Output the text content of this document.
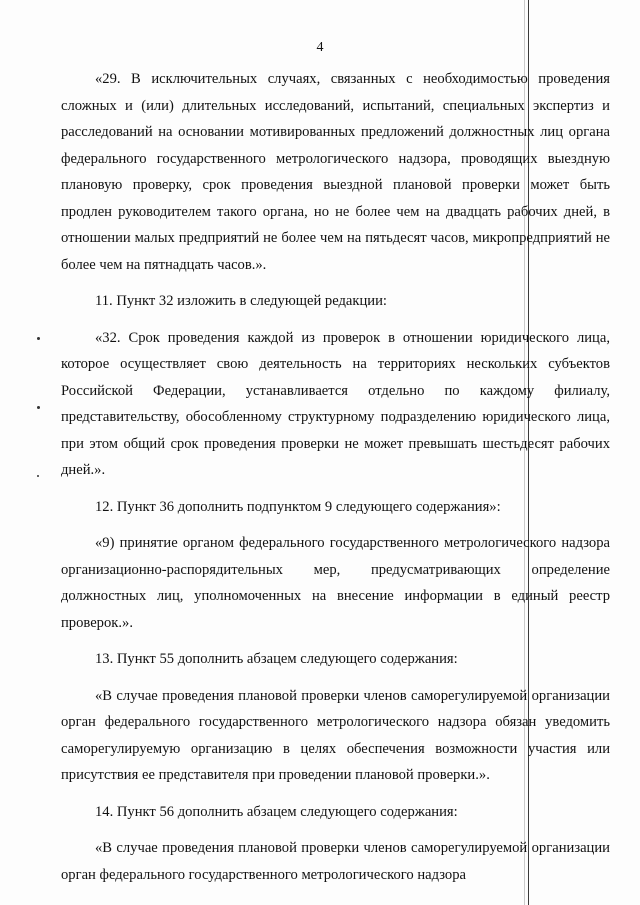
4

«29. В исключительных случаях, связанных с необходимостью проведения сложных и (или) длительных исследований, испытаний, специальных экспертиз и расследований на основании мотивированных предложений должностных лиц органа федерального государственного метрологического надзора, проводящих выездную плановую проверку, срок проведения выездной плановой проверки может быть продлен руководителем такого органа, но не более чем на двадцать рабочих дней, в отношении малых предприятий не более чем на пятьдесят часов, микропредприятий не более чем на пятнадцать часов.».

11. Пункт 32 изложить в следующей редакции:

«32. Срок проведения каждой из проверок в отношении юридического лица, которое осуществляет свою деятельность на территориях нескольких субъектов Российской Федерации, устанавливается отдельно по каждому филиалу, представительству, обособленному структурному подразделению юридического лица, при этом общий срок проведения проверки не может превышать шестьдесят рабочих дней.».

12. Пункт 36 дополнить подпунктом 9 следующего содержания»:

«9) принятие органом федерального государственного метрологического надзора организационно-распорядительных мер, предусматривающих определение должностных лиц, уполномоченных на внесение информации в единый реестр проверок.».

13. Пункт 55 дополнить абзацем следующего содержания:

«В случае проведения плановой проверки членов саморегулируемой организации орган федерального государственного метрологического надзора обязан уведомить саморегулируемую организацию в целях обеспечения возможности участия или присутствия ее представителя при проведении плановой проверки.».

14. Пункт 56 дополнить абзацем следующего содержания:

«В случае проведения плановой проверки членов саморегулируемой организации орган федерального государственного метрологического надзора
